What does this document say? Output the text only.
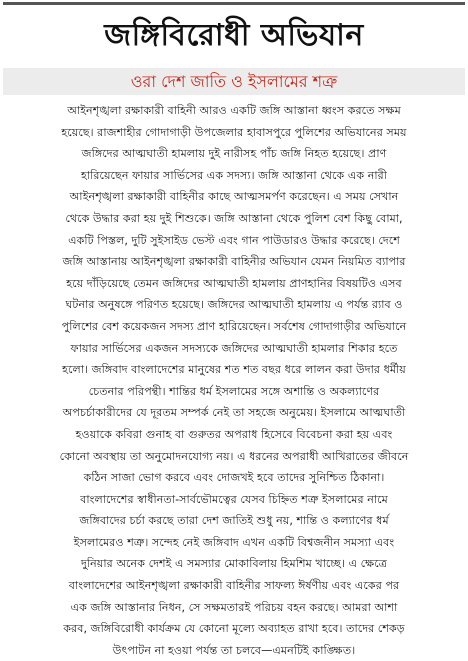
জঙ্গিবিরোধী অভিযান
ওরা দেশ জাতি ও ইসলামের শত্রু
আইনশৃঙ্খলা রক্ষাকারী বাহিনী আরও একটি জঙ্গি আস্তানা ধ্বংস করতে সক্ষম
হয়েছে। রাজশাহীর গোদাগাড়ী উপজেলার হাবাসপুরে পুলিশের অভিযানের সময়
জঙ্গিদের আত্মঘাতী হামলায় দুই নারীসহ পাঁচ জঙ্গি নিহত হয়েছে। প্রাণ
হারিয়েছেন ফায়ার সার্ভিসের এক সদস্য। জঙ্গি আস্তানা থেকে এক নারী
আইনশৃঙ্খলা রক্ষাকারী বাহিনীর কাছে আত্মসমর্পণ করেছেন। এ সময় সেখান
থেকে উদ্ধার করা হয় দুই শিশুকে। জঙ্গি আস্তানা থেকে পুলিশ বেশ কিছু বোমা,
একটি পিস্তল, দুটি সুইসাইড ভেস্ট এবং গান পাউডারও উদ্ধার করেছে। দেশে
জঙ্গি আস্তানায় আইনশৃঙ্খলা রক্ষাকারী বাহিনীর অভিযান যেমন নিয়মিত ব্যাপার
হয়ে দাঁড়িয়েছে তেমন জঙ্গিদের আত্মঘাতী হামলায় প্রাণহানির বিষয়টিও এসব
ঘটনার অনুষঙ্গে পরিণত হয়েছে। জঙ্গিদের আত্মঘাতী হামলায় এ পর্যন্ত র‌্যাব ও
পুলিশের বেশ কয়েকজন সদস্য প্রাণ হারিয়েছেন। সর্বশেষ গোদাগাড়ীর অভিযানে
ফায়ার সার্ভিসের একজন সদস্যকে জঙ্গিদের আত্মঘাতী হামলার শিকার হতে
হলো। জঙ্গিবাদ বাংলাদেশের মানুষের শত শত বছর ধরে লালন করা উদার ধর্মীয়
চেতনার পরিপন্থী। শান্তির ধর্ম ইসলামের সঙ্গে অশান্তি ও অকল্যাণের
অপচর্চাকারীদের যে দূরতম সম্পর্ক নেই তা সহজে অনুমেয়। ইসলামে আত্মঘাতী
হওয়াকে কবিরা গুনাহ বা গুরুতর অপরাধ হিসেবে বিবেচনা করা হয় এবং
কোনো অবস্থায় তা অনুমোদনযোগ্য নয়। এ ধরনের অপরাধী আখিরাতের জীবনে
কঠিন সাজা ভোগ করবে এবং দোজখই হবে তাদের সুনিশ্চিত ঠিকানা।
বাংলাদেশের স্বাধীনতা-সার্বভৌমত্বের যেসব চিহ্নিত শত্রু ইসলামের নামে
জঙ্গিবাদের চর্চা করছে তারা দেশ জাতিই শুধু নয়, শান্তি ও কল্যাণের ধর্ম
ইসলামেরও শত্রু। সন্দেহ নেই জঙ্গিবাদ এখন একটি বিশ্বজনীন সমস্যা এবং
দুনিয়ার অনেক দেশই এ সমস্যার মোকাবিলায় হিমশিম খাচ্ছে। এ ক্ষেত্রে
বাংলাদেশের আইনশৃঙ্খলা রক্ষাকারী বাহিনীর সাফল্য ঈর্ষণীয় এবং একের পর
এক জঙ্গি আস্তানার নিধন, সে সক্ষমতারই পরিচয় বহন করছে। আমরা আশা
করব, জঙ্গিবিরোধী কার্যক্রম যে কোনো মূল্যে অব্যাহত রাখা হবে। তাদের শেকড়
উৎপাটন না হওয়া পর্যন্ত তা চলবে—এমনটিই কাঙ্ক্ষিত।
